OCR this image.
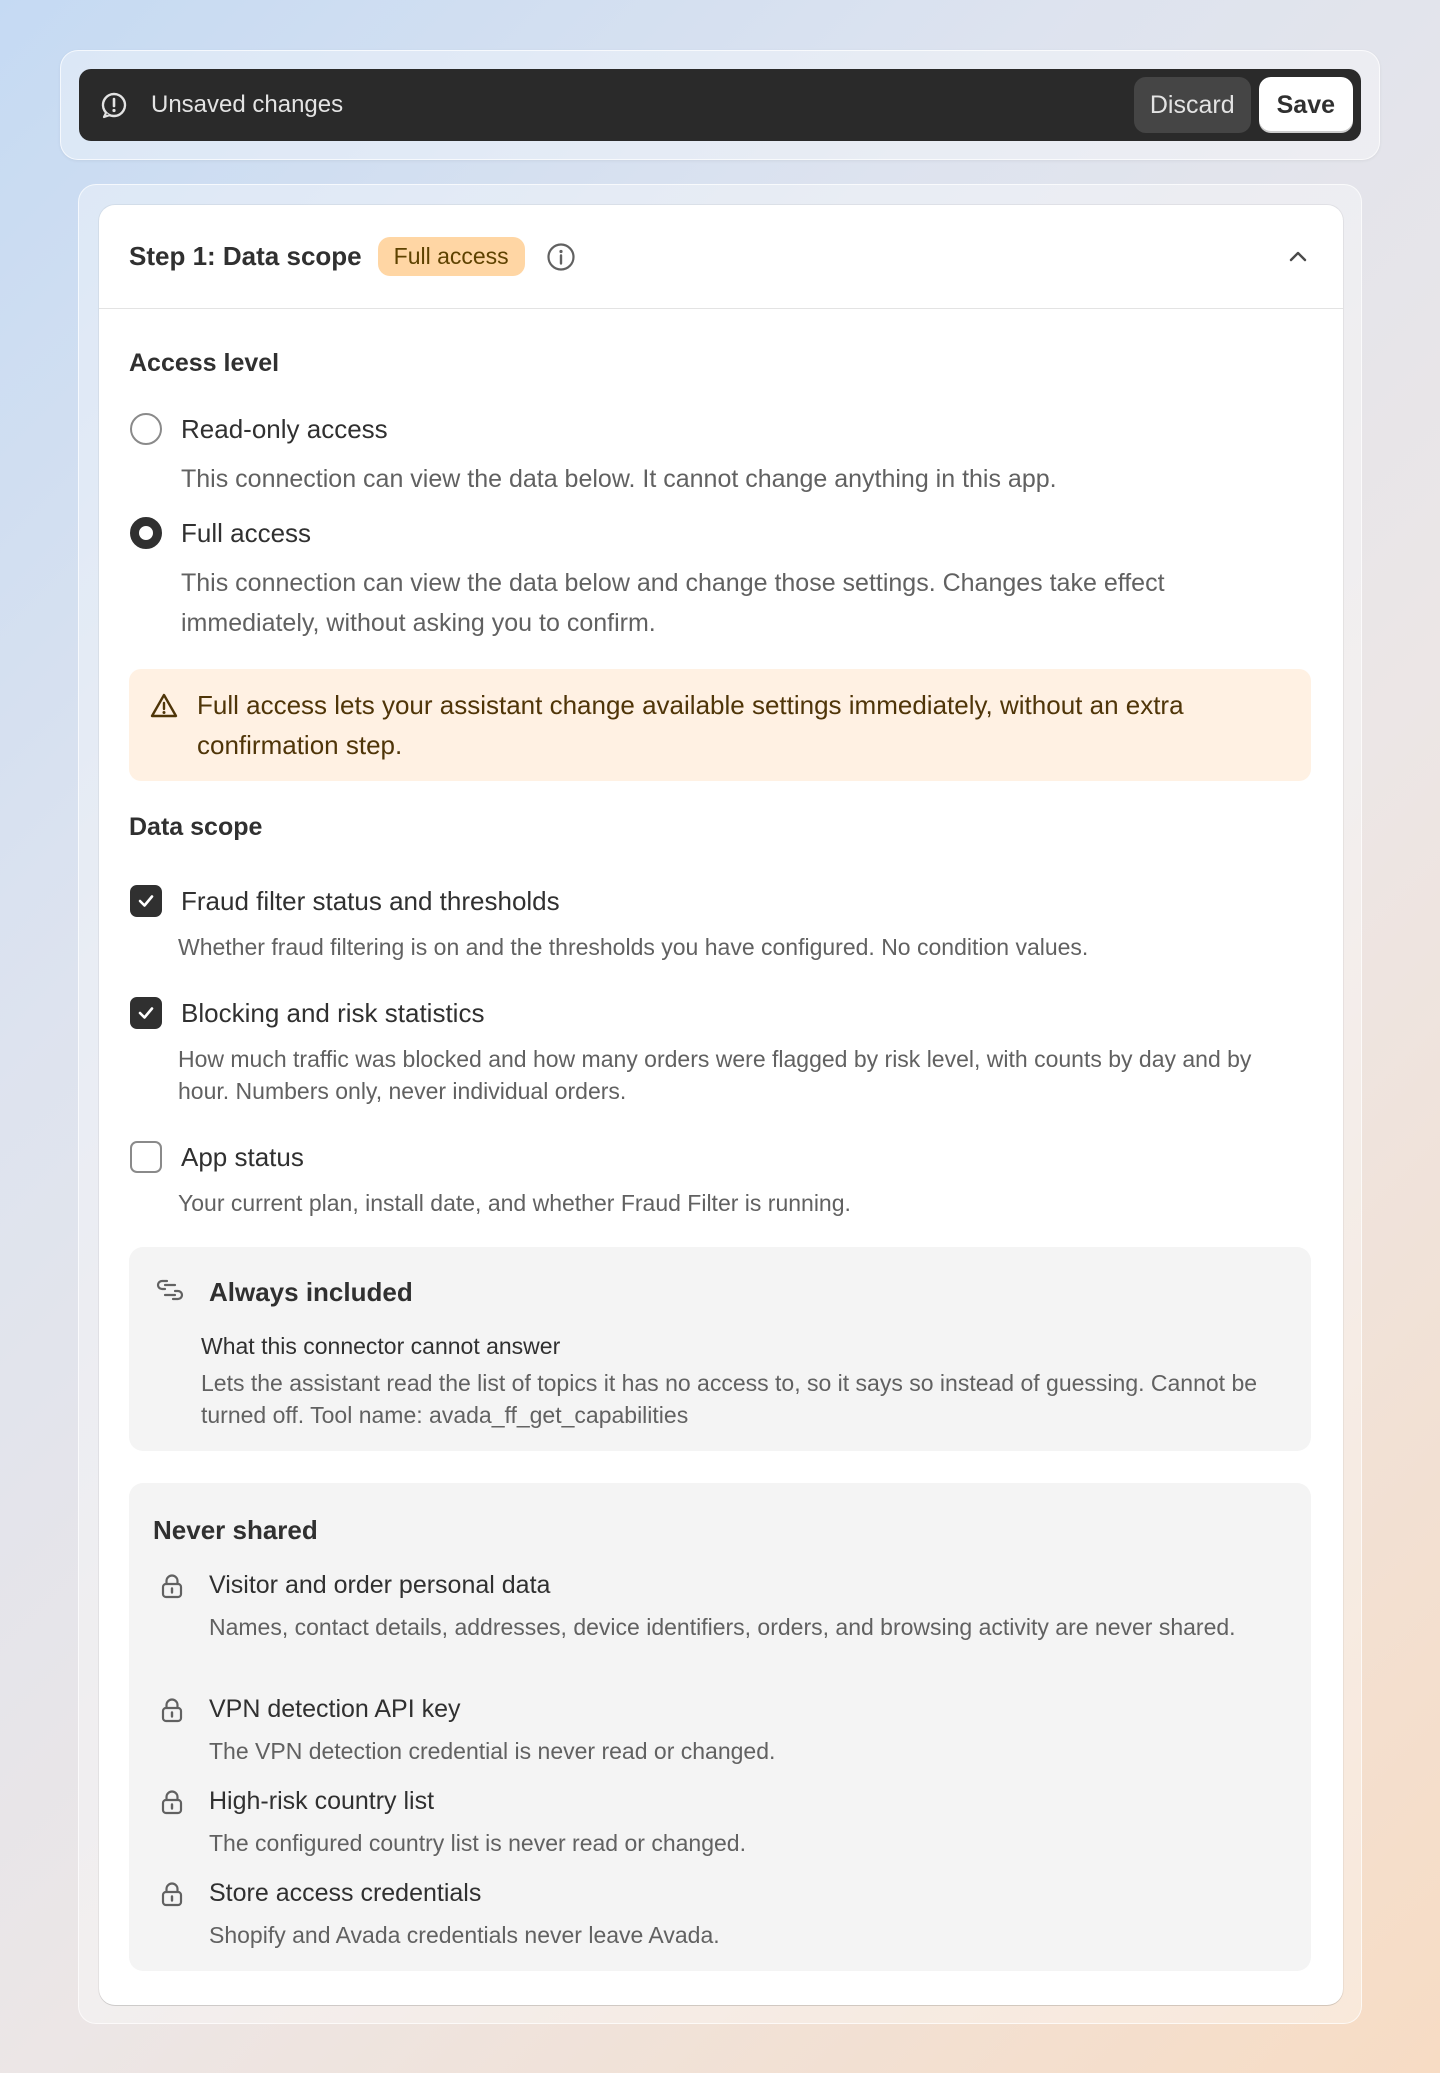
Unsaved changes	Discard	Save
Step 1: Data scope	Full access
Access level
Read-only access
This connection can view the data below. It cannot change anything in this app.
Full access
This connection can view the data below and change those settings. Changes take effect immediately, without asking you to confirm.
Full access lets your assistant change available settings immediately, without an extra confirmation step.
Data scope
Fraud filter status and thresholds
Whether fraud filtering is on and the thresholds you have configured. No condition values.
Blocking and risk statistics
How much traffic was blocked and how many orders were flagged by risk level, with counts by day and by hour. Numbers only, never individual orders.
App status
Your current plan, install date, and whether Fraud Filter is running.
Always included
What this connector cannot answer
Lets the assistant read the list of topics it has no access to, so it says so instead of guessing. Cannot be turned off. Tool name: avada_ff_get_capabilities
Never shared
Visitor and order personal data
Names, contact details, addresses, device identifiers, orders, and browsing activity are never shared.
VPN detection API key
The VPN detection credential is never read or changed.
High-risk country list
The configured country list is never read or changed.
Store access credentials
Shopify and Avada credentials never leave Avada.
